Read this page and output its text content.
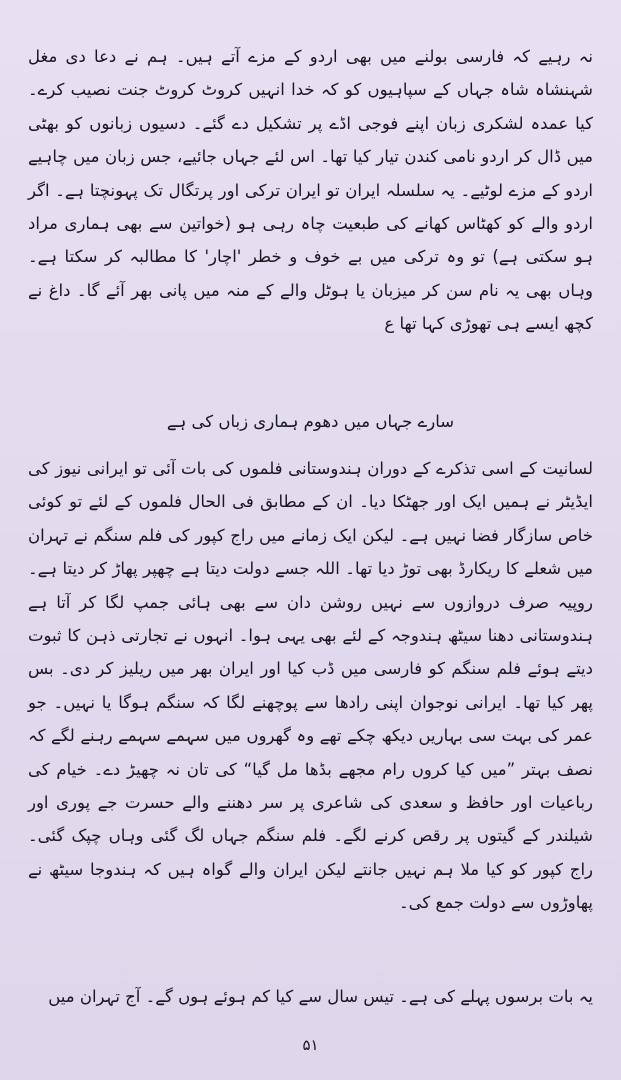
نہ رہیے کہ فارسی بولنے میں بھی اردو کے مزے آتے ہیں۔ ہم نے دعا دی مغل شہنشاہ شاہ جہاں کے سپاہیوں کو کہ خدا انہیں کروٹ کروٹ جنت نصیب کرے۔ کیا عمدہ لشکری زبان اپنے فوجی اڈے پر تشکیل دے گئے۔ دسیوں زبانوں کو بھٹی میں ڈال کر اردو نامی کندن تیار کیا تھا۔ اس لئے جہاں جائیے، جس زبان میں چاہیے اردو کے مزے لوٹیے۔ یہ سلسلہ ایران تو ایران ترکی اور پرتگال تک پہونچتا ہے۔ اگر اردو والے کو کھٹاس کھانے کی طبعیت چاہ رہی ہو (خواتین سے بھی ہماری مراد ہو سکتی ہے) تو وہ ترکی میں بے خوف و خطر 'اچار' کا مطالبہ کر سکتا ہے۔ وہاں بھی یہ نام سن کر میزبان یا ہوٹل والے کے منہ میں پانی بھر آئے گا۔ داغ نے کچھ ایسے ہی تھوڑی کہا تھا ع

سارے جہاں میں دھوم ہماری زباں کی ہے

لسانیت کے اسی تذکرے کے دوران ہندوستانی فلموں کی بات آئی تو ایرانی نیوز کی ایڈیٹر نے ہمیں ایک اور جھٹکا دیا۔ ان کے مطابق فی الحال فلموں کے لئے تو کوئی خاص سازگار فضا نہیں ہے۔ لیکن ایک زمانے میں راج کپور کی فلم سنگم نے تہران میں شعلے کا ریکارڈ بھی توڑ دیا تھا۔ اللہ جسے دولت دیتا ہے چھپر پھاڑ کر دیتا ہے۔ روپیہ صرف دروازوں سے نہیں روشن دان سے بھی ہائی جمپ لگا کر آتا ہے ہندوستانی دھنا سیٹھ ہندوجہ کے لئے بھی یہی ہوا۔ انہوں نے تجارتی ذہن کا ثبوت دیتے ہوئے فلم سنگم کو فارسی میں ڈب کیا اور ایران بھر میں ریلیز کر دی۔ بس پھر کیا تھا۔ ایرانی نوجوان اپنی رادھا سے پوچھنے لگا کہ سنگم ہوگا یا نہیں۔ جو عمر کی بہت سی بہاریں دیکھ چکے تھے وہ گھروں میں سہمے سہمے رہنے لگے کہ نصف بہتر ”میں کیا کروں رام مجھے بڈھا مل گیا“ کی تان نہ چھیڑ دے۔ خیام کی رباعیات اور حافظ و سعدی کی شاعری پر سر دھننے والے حسرت جے پوری اور شیلندر کے گیتوں پر رقص کرنے لگے۔ فلم سنگم جہاں لگ گئی وہاں چپک گئی۔ راج کپور کو کیا ملا ہم نہیں جانتے لیکن ایران والے گواہ ہیں کہ ہندوجا سیٹھ نے پھاوڑوں سے دولت جمع کی۔

یہ بات برسوں پہلے کی ہے۔ تیس سال سے کیا کم ہوئے ہوں گے۔ آج تہران میں

۵۱
